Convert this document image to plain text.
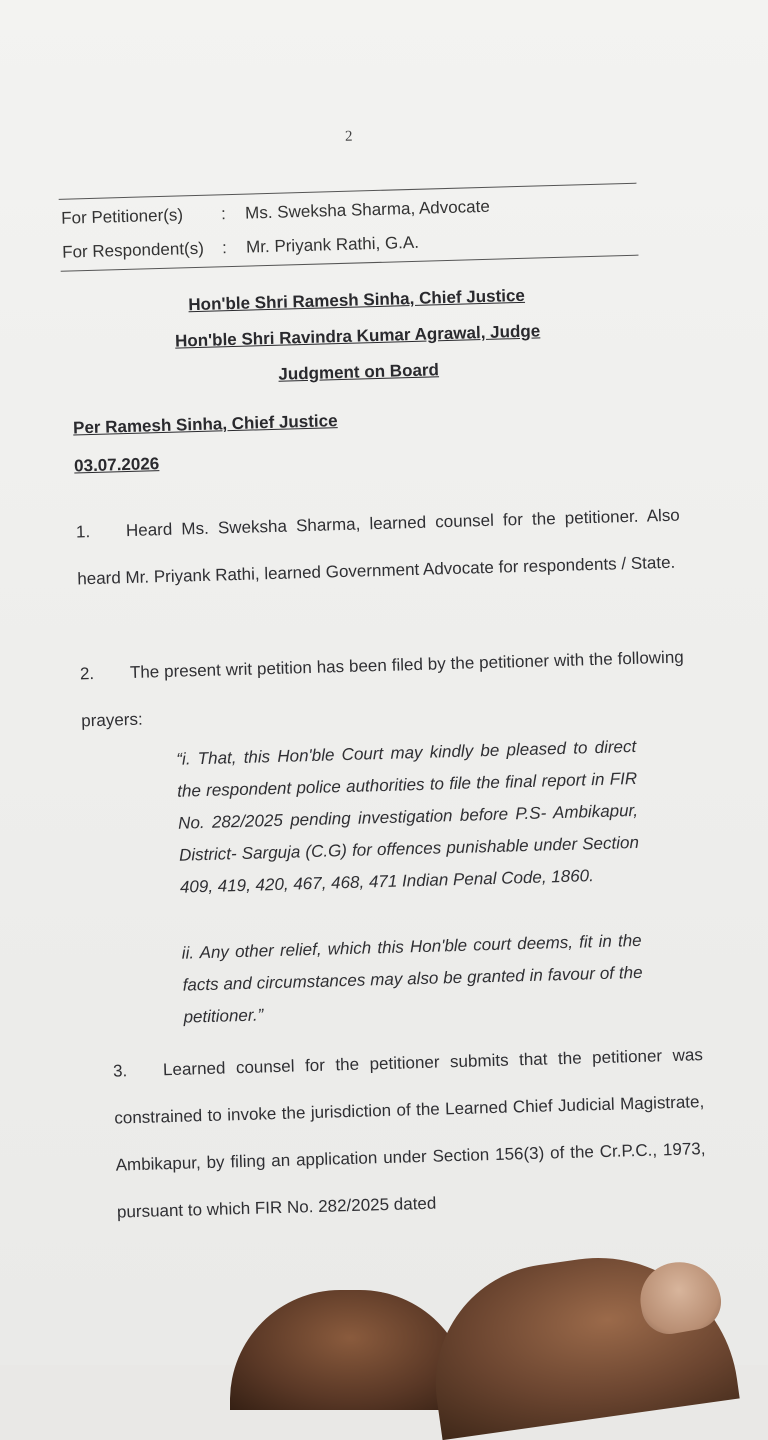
2
For Petitioner(s) : Ms. Sweksha Sharma, Advocate
For Respondent(s) : Mr. Priyank Rathi, G.A.
Hon'ble Shri Ramesh Sinha, Chief Justice
Hon'ble Shri Ravindra Kumar Agrawal, Judge
Judgment on Board
Per Ramesh Sinha, Chief Justice
03.07.2026
1. Heard Ms. Sweksha Sharma, learned counsel for the petitioner. Also heard Mr. Priyank Rathi, learned Government Advocate for respondents / State.
2. The present writ petition has been filed by the petitioner with the following prayers:
“i. That, this Hon'ble Court may kindly be pleased to direct the respondent police authorities to file the final report in FIR No. 282/2025 pending investigation before P.S- Ambikapur, District- Sarguja (C.G) for offences punishable under Section 409, 419, 420, 467, 468, 471 Indian Penal Code, 1860.
ii. Any other relief, which this Hon'ble court deems, fit in the facts and circumstances may also be granted in favour of the petitioner.”
3. Learned counsel for the petitioner submits that the petitioner was constrained to invoke the jurisdiction of the Learned Chief Judicial Magistrate, Ambikapur, by filing an application under Section 156(3) of the Cr.P.C., 1973, pursuant to which FIR No. 282/2025 dated
